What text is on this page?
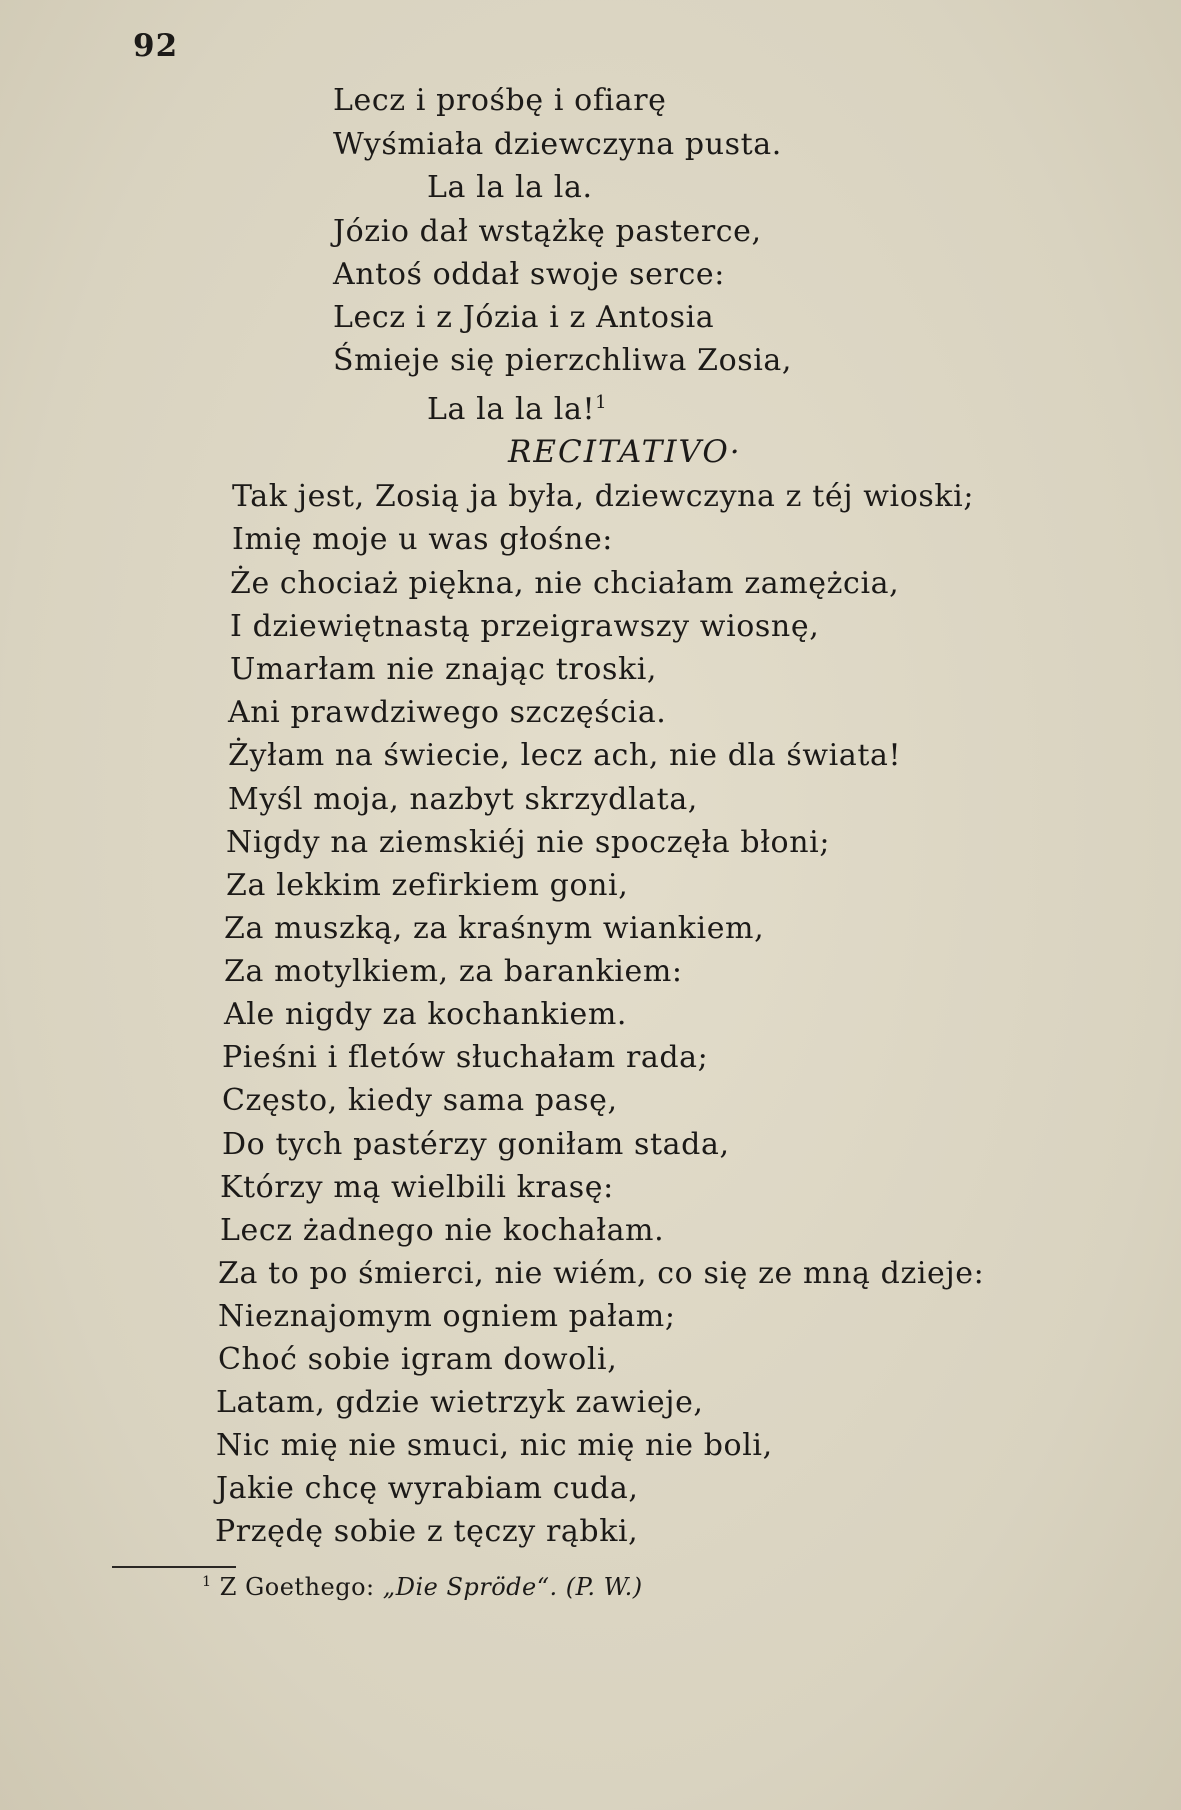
92
Lecz i prośbę i ofiarę
Wyśmiała dziewczyna pusta.
La la la la.
Józio dał wstążkę pasterce,
Antoś oddał swoje serce:
Lecz i z Józia i z Antosia
Śmieje się pierzchliwa Zosia,
La la la la!$^1$
RECITATIVO·
Tak jest, Zosią ja była, dziewczyna z téj wioski;
Imię moje u was głośne:
Że chociaż piękna, nie chciałam zamężcia,
I dziewiętnastą przeigrawszy wiosnę,
Umarłam nie znając troski,
Ani prawdziwego szczęścia.
Żyłam na świecie, lecz ach, nie dla świata!
Myśl moja, nazbyt skrzydlata,
Nigdy na ziemskiéj nie spoczęła błoni;
Za lekkim zefirkiem goni,
Za muszką, za kraśnym wiankiem,
Za motylkiem, za barankiem:
Ale nigdy za kochankiem.
Pieśni i fletów słuchałam rada;
Często, kiedy sama pasę,
Do tych pastérzy goniłam stada,
Którzy mą wielbili krasę:
Lecz żadnego nie kochałam.
Za to po śmierci, nie wiém, co się ze mną dzieje:
Nieznajomym ogniem pałam;
Choć sobie igram dowoli,
Latam, gdzie wietrzyk zawieje,
Nic mię nie smuci, nic mię nie boli,
Jakie chcę wyrabiam cuda,
Przędę sobie z tęczy rąbki,
$^1$ Z Goethego: „Die Spröde“. (P. W.)
